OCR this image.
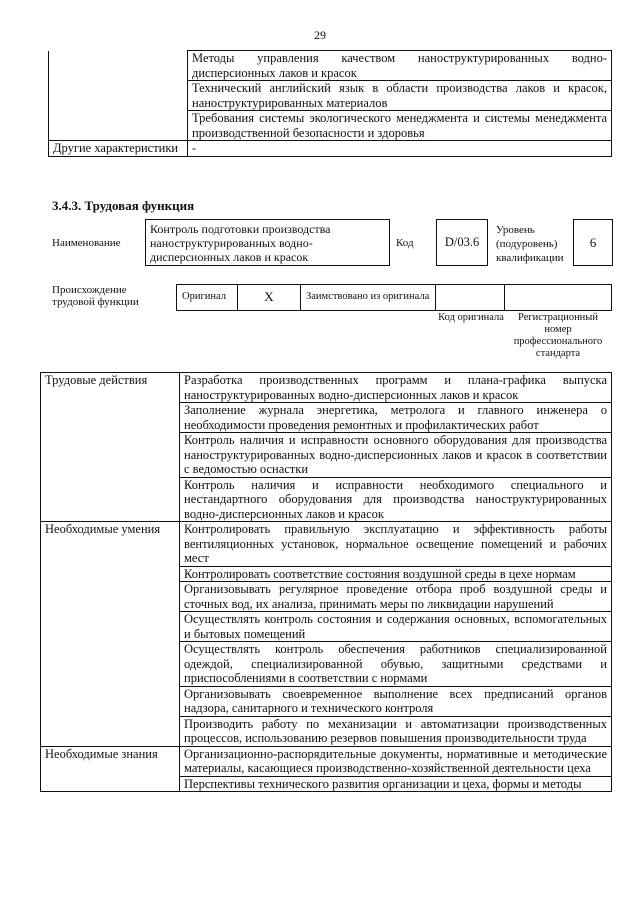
29
	Методы управления качеством наноструктурированных водно-дисперсионных лаков и красок
	Технический английский язык в области производства лаков и красок, наноструктурированных материалов
	Требования системы экологического менеджмента и системы менеджмента производственной безопасности и здоровья
Другие характеристики	-
3.4.3. Трудовая функция
Наименование
Контроль подготовки производства наноструктурированных водно-дисперсионных лаков и красок
Код	D/03.6
Уровень (подуровень) квалификации
6
Происхождение трудовой функции	Оригинал	X	Заимствовано из оригинала
Код оригинала	Регистрационный номер профессионального стандарта
Трудовые действия	Разработка производственных программ и плана-графика выпуска наноструктурированных водно-дисперсионных лаков и красок
	Заполнение журнала энергетика, метролога и главного инженера о необходимости проведения ремонтных и профилактических работ
	Контроль наличия и исправности основного оборудования для производства наноструктурированных водно-дисперсионных лаков и красок в соответствии с ведомостью оснастки
	Контроль наличия и исправности необходимого специального и нестандартного оборудования для производства наноструктурированных водно-дисперсионных лаков и красок
Необходимые умения	Контролировать правильную эксплуатацию и эффективность работы вентиляционных установок, нормальное освещение помещений и рабочих мест
	Контролировать соответствие состояния воздушной среды в цехе нормам
	Организовывать регулярное проведение отбора проб воздушной среды и сточных вод, их анализа, принимать меры по ликвидации нарушений
	Осуществлять контроль состояния и содержания основных, вспомогательных и бытовых помещений
	Осуществлять контроль обеспечения работников специализированной одеждой, специализированной обувью, защитными средствами и приспособлениями в соответствии с нормами
	Организовывать своевременное выполнение всех предписаний органов надзора, санитарного и технического контроля
	Производить работу по механизации и автоматизации производственных процессов, использованию резервов повышения производительности труда
Необходимые знания	Организационно-распорядительные документы, нормативные и методические материалы, касающиеся производственно-хозяйственной деятельности цеха
	Перспективы технического развития организации и цеха, формы и методы
